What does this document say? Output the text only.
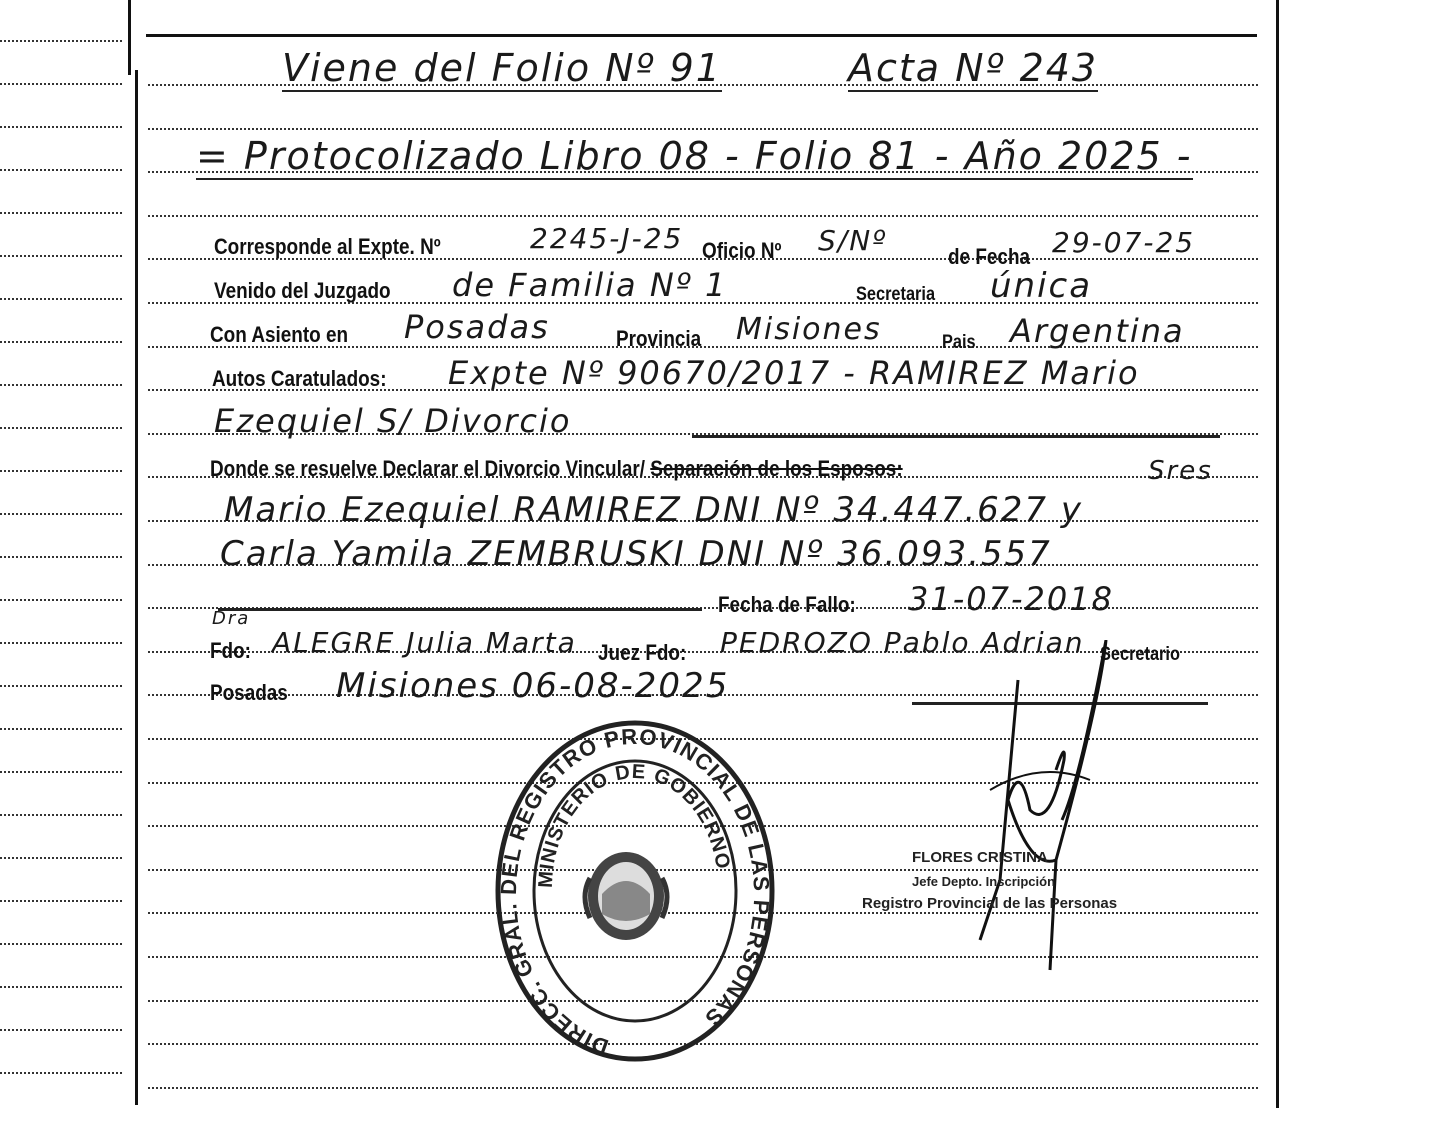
Viene del Folio Nº 91	Acta Nº 243
= Protocolizado Libro 08 - Folio 81 - Año 2025 -
Corresponde al Expte. Nº	2245-J-25 Oficio Nº S/Nº	de Fecha 29-07-25
Venido del Juzgado de Familia Nº 1	Secretaria única
Con Asiento en Posadas	Provincia Misiones	Pais Argentina
Autos Caratulados: Expte Nº 90670/2017 - RAMIREZ Mario
Ezequiel S/ Divorcio
Donde se resuelve Declarar el Divorcio Vincular/ Separación de los Esposos:	Sres
Mario Ezequiel RAMIREZ DNI Nº 34.447.627 y
Carla Yamila ZEMBRUSKI DNI Nº 36.093.557
Fecha de Fallo: 31-07-2018
Dra
Fdo: ALEGRE Julia Marta Juez Fdo: PEDROZO Pablo Adrian Secretario
Posadas Misiones 06-08-2025
DIRECC. GRAL. DEL REGISTRO PROVINCIAL DE LAS PERSONAS
MINISTERIO DE GOBIERNO	FLORES CRISTINA
Jefe Depto. Inscripción
Registro Provincial de las Personas
